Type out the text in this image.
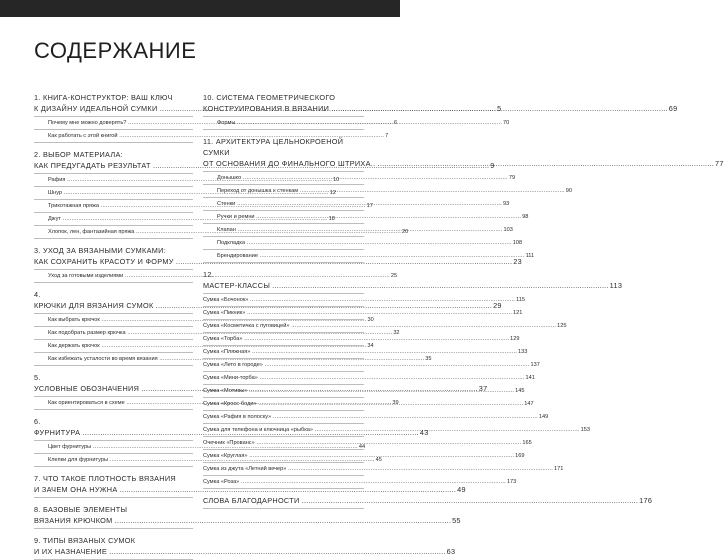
СОДЕРЖАНИЕ
1. КНИГА-КОНСТРУКТОР: ВАШ КЛЮЧ
К ДИЗАЙНУ ИДЕАЛЬНОЙ СУМКИ .....	5
Почему мне можно доверять? .....	6
Как работать с этой книгой .....	7
2. ВЫБОР МАТЕРИАЛА:
КАК ПРЕДУГАДАТЬ РЕЗУЛЬТАТ .....	9
Рафия .....	10
Шнур .....	12
Трикотажная пряжа .....	17
Джут .....	18
Хлопок, лен, фантазийная пряжа .....	20
3. УХОД ЗА ВЯЗАНЫМИ СУМКАМИ:
КАК СОХРАНИТЬ КРАСОТУ И ФОРМУ .....	23
Уход за готовыми изделиями .....	25
4.
КРЮЧКИ ДЛЯ ВЯЗАНИЯ СУМОК .....	29
Как выбрать крючок .....	30
Как подобрать размер крючка .....	32
Как держать крючок .....	34
Как избежать усталости во время вязания .....	35
5.
УСЛОВНЫЕ ОБОЗНАЧЕНИЯ .....	37
Как ориентироваться в схеме .....	39
6.
ФУРНИТУРА .....	43
Цвет фурнитуры .....	44
Клепки для фурнитуры .....	45
7. ЧТО ТАКОЕ ПЛОТНОСТЬ ВЯЗАНИЯ
И ЗАЧЕМ ОНА НУЖНА .....	49
8. БАЗОВЫЕ ЭЛЕМЕНТЫ
ВЯЗАНИЯ КРЮЧКОМ .....	55
9. ТИПЫ ВЯЗАНЫХ СУМОК
И ИХ НАЗНАЧЕНИЕ .....	63
10. СИСТЕМА ГЕОМЕТРИЧЕСКОГО
КОНСТРУИРОВАНИЯ В ВЯЗАНИИ .....	69
Формы .....	70
11. АРХИТЕКТУРА ЦЕЛЬНОКРОЕНОЙ СУМКИ
ОТ ОСНОВАНИЯ ДО ФИНАЛЬНОГО ШТРИХА.. .....	77
Донышко .....	79
Переход от донышка к стенкам .....	90
Стенки .....	93
Ручки и ремни .....	98
Клапан .....	103
Подкладка .....	108
Брендирование .....	111
12.
МАСТЕР-КЛАССЫ .....	113
Сумка «Бочонок» .....	115
Сумка «Пикник» .....	121
Сумка «Косметичка с пуговицей» .....	125
Сумка «Торба» .....	129
Сумка «Пляжная» .....	133
Сумка «Лето в городе» .....	137
Сумка «Мини-торба» .....	141
Сумка «Мотивы» .....	145
Сумка «Кросс-боди» .....	147
Сумка «Рафия в полоску» .....	149
Сумка для телефона и ключница «рыбка» .....	153
Очечник «Прованс» .....	165
Сумка «Круглая» .....	169
Сумка из джута «Летний вечер» .....	171
Сумка «Роза» .....	173
СЛОВА БЛАГОДАРНОСТИ .....	176
